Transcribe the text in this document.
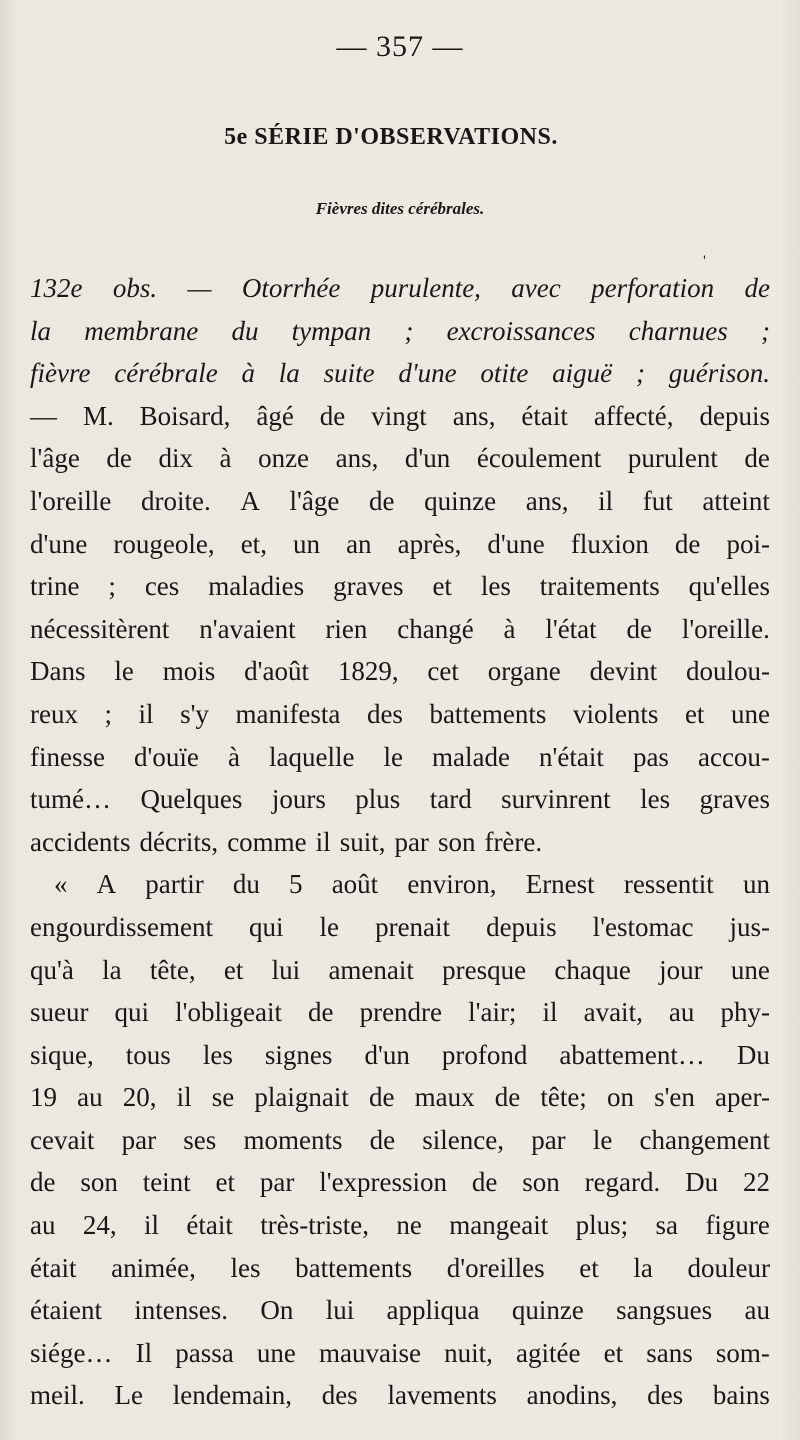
— 357 —
5e SÉRIE D'OBSERVATIONS.
Fièvres dites cérébrales.
'
132e obs. — Otorrhée purulente, avec perforation de
la membrane du tympan ; excroissances charnues ;
fièvre cérébrale à la suite d'une otite aiguë ; guérison.
— M. Boisard, âgé de vingt ans, était affecté, depuis
l'âge de dix à onze ans, d'un écoulement purulent de
l'oreille droite. A l'âge de quinze ans, il fut atteint
d'une rougeole, et, un an après, d'une fluxion de poi-
trine ; ces maladies graves et les traitements qu'elles
nécessitèrent n'avaient rien changé à l'état de l'oreille.
Dans le mois d'août 1829, cet organe devint doulou-
reux ; il s'y manifesta des battements violents et une
finesse d'ouïe à laquelle le malade n'était pas accou-
tumé… Quelques jours plus tard survinrent les graves
accidents décrits, comme il suit, par son frère.
« A partir du 5 août environ, Ernest ressentit un
engourdissement qui le prenait depuis l'estomac jus-
qu'à la tête, et lui amenait presque chaque jour une
sueur qui l'obligeait de prendre l'air; il avait, au phy-
sique, tous les signes d'un profond abattement… Du
19 au 20, il se plaignait de maux de tête; on s'en aper-
cevait par ses moments de silence, par le changement
de son teint et par l'expression de son regard. Du 22
au 24, il était très-triste, ne mangeait plus; sa figure
était animée, les battements d'oreilles et la douleur
étaient intenses. On lui appliqua quinze sangsues au
siége… Il passa une mauvaise nuit, agitée et sans som-
meil. Le lendemain, des lavements anodins, des bains
